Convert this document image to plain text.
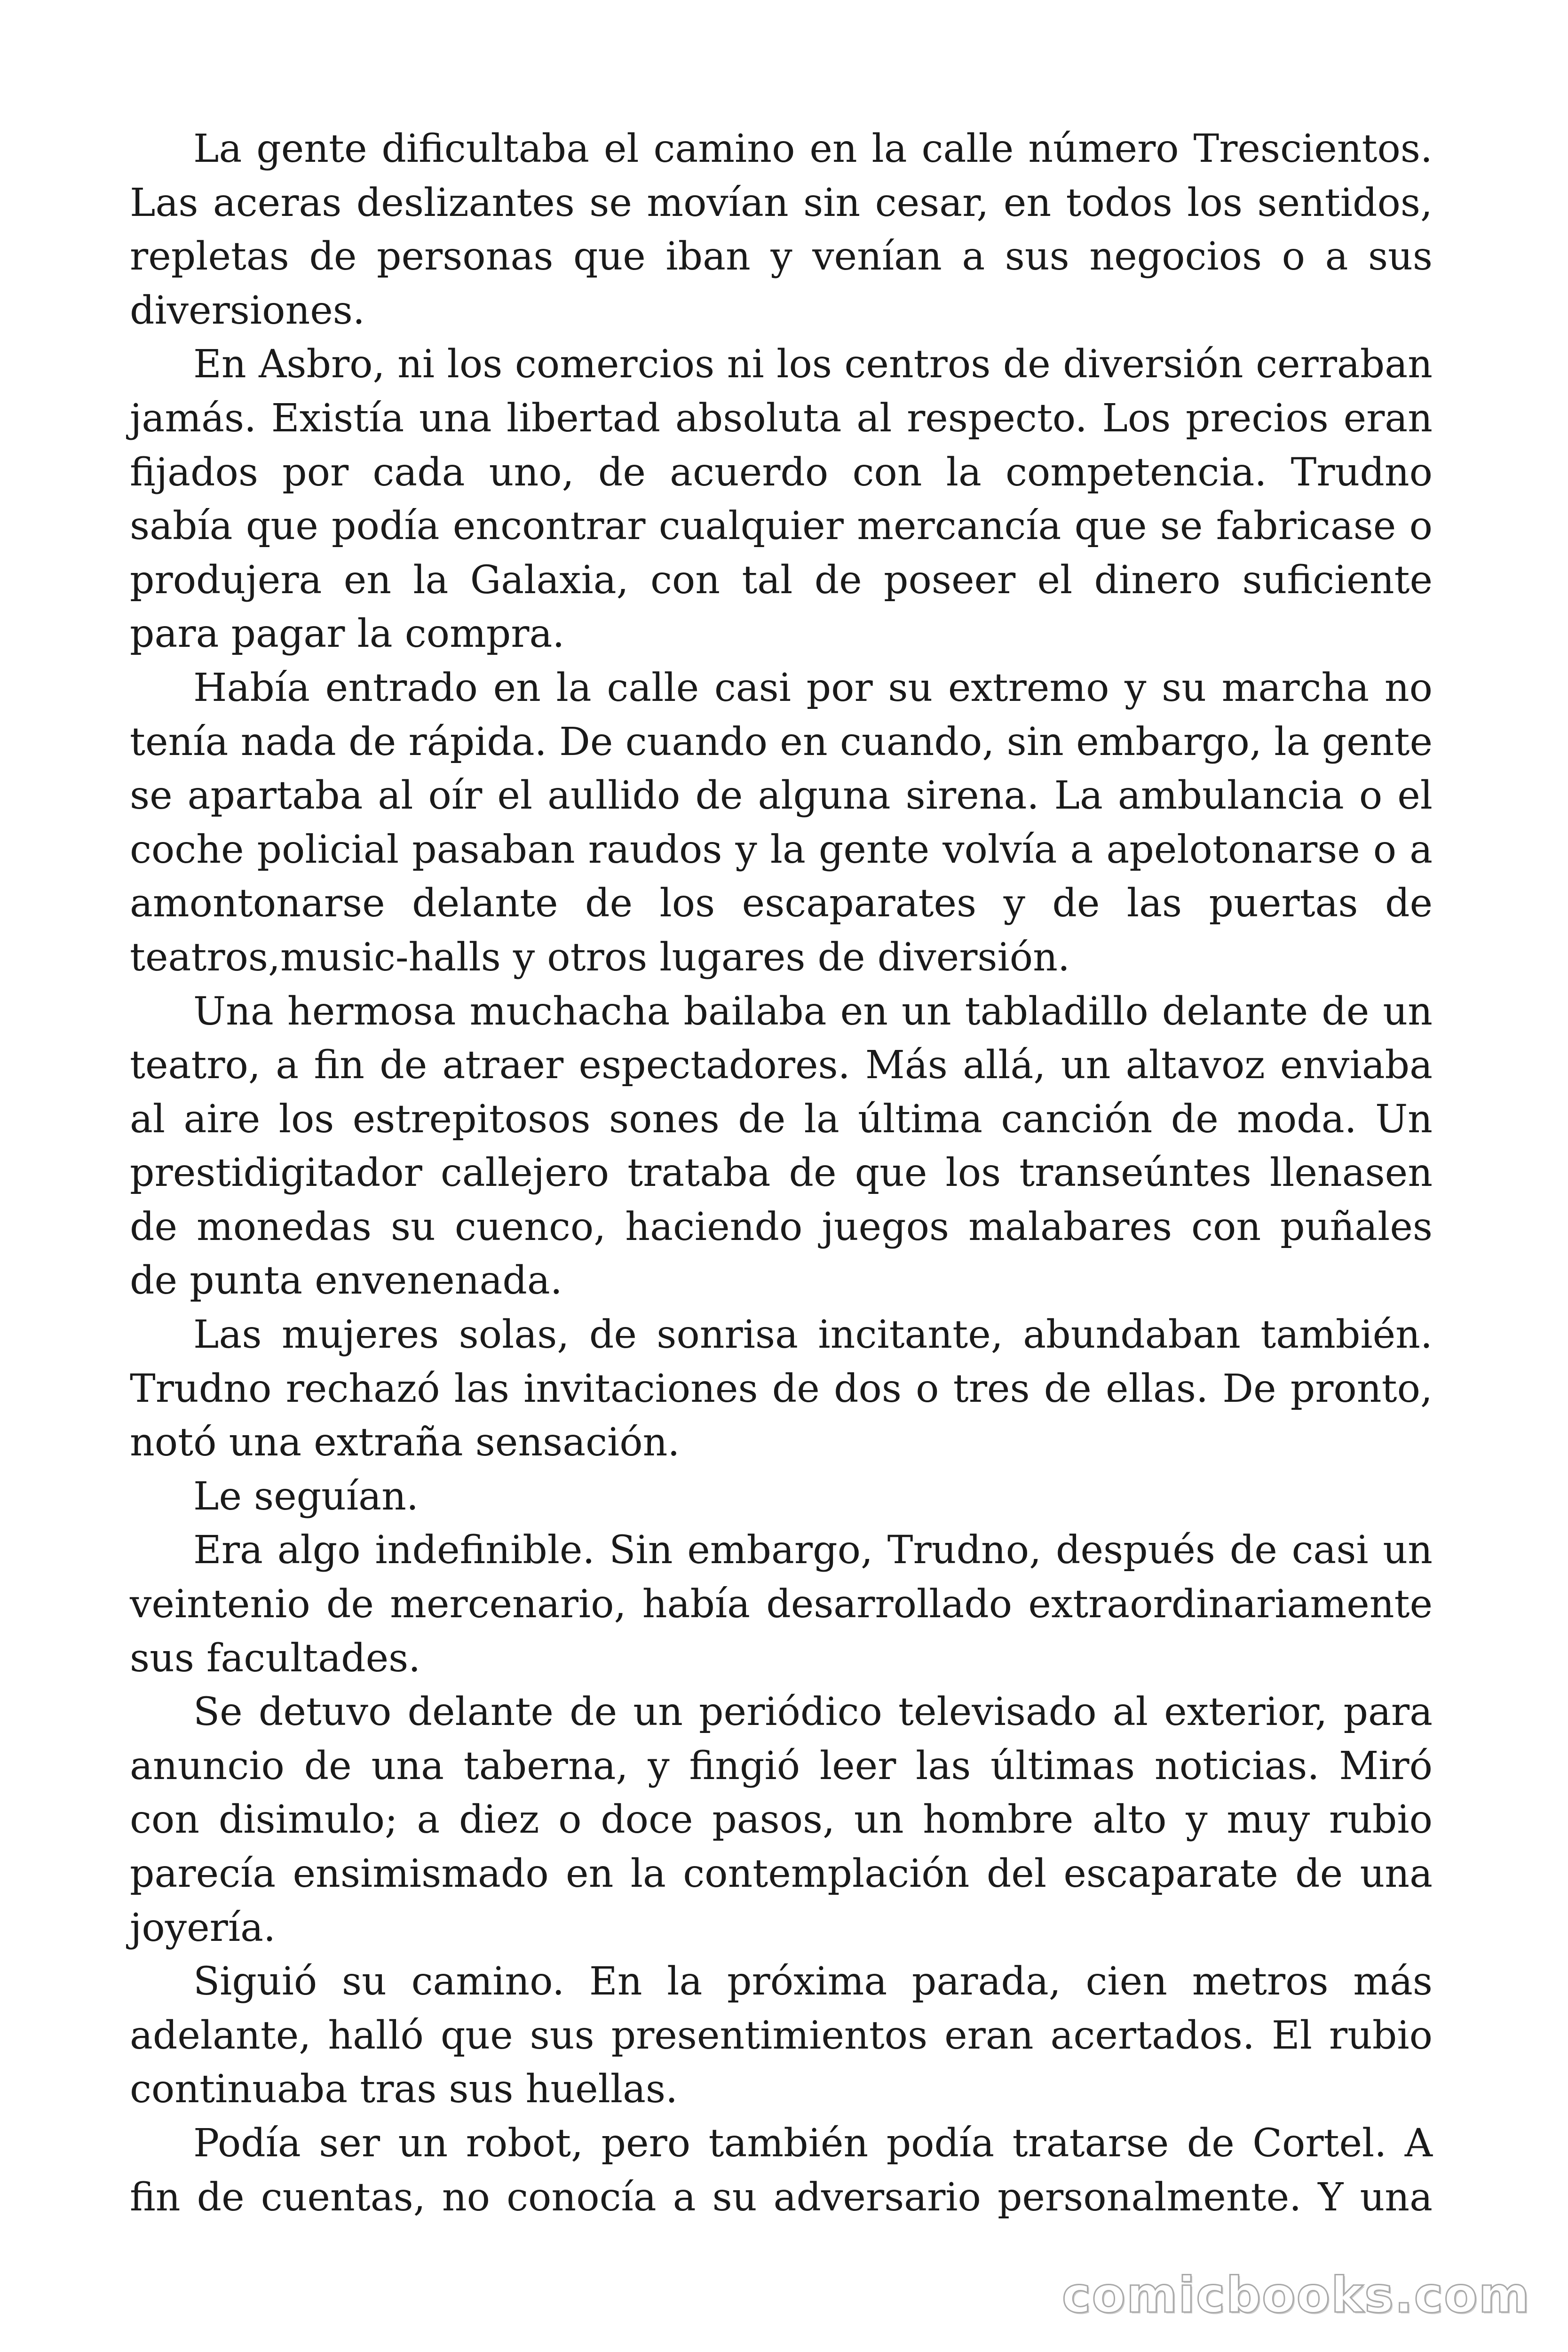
La gente dificultaba el camino en la calle número Trescientos. Las aceras deslizantes se movían sin cesar, en todos los sentidos, repletas de personas que iban y venían a sus negocios o a sus diversiones.

En Asbro, ni los comercios ni los centros de diversión cerraban jamás. Existía una libertad absoluta al respecto. Los precios eran fijados por cada uno, de acuerdo con la competencia. Trudno sabía que podía encontrar cualquier mercancía que se fabricase o produjera en la Galaxia, con tal de poseer el dinero suficiente para pagar la compra.

Había entrado en la calle casi por su extremo y su marcha no tenía nada de rápida. De cuando en cuando, sin embargo, la gente se apartaba al oír el aullido de alguna sirena. La ambulancia o el coche policial pasaban raudos y la gente volvía a apelotonarse o a amontonarse delante de los escaparates y de las puertas de teatros,music-halls y otros lugares de diversión.

Una hermosa muchacha bailaba en un tabladillo delante de un teatro, a fin de atraer espectadores. Más allá, un altavoz enviaba al aire los estrepitosos sones de la última canción de moda. Un prestidigitador callejero trataba de que los transeúntes llenasen de monedas su cuenco, haciendo juegos malabares con puñales de punta envenenada.

Las mujeres solas, de sonrisa incitante, abundaban también. Trudno rechazó las invitaciones de dos o tres de ellas. De pronto, notó una extraña sensación.

Le seguían.

Era algo indefinible. Sin embargo, Trudno, después de casi un veintenio de mercenario, había desarrollado extraordinariamente sus facultades.

Se detuvo delante de un periódico televisado al exterior, para anuncio de una taberna, y fingió leer las últimas noticias. Miró con disimulo; a diez o doce pasos, un hombre alto y muy rubio parecía ensimismado en la contemplación del escaparate de una joyería.

Siguió su camino. En la próxima parada, cien metros más adelante, halló que sus presentimientos eran acertados. El rubio continuaba tras sus huellas.

Podía ser un robot, pero también podía tratarse de Cortel. A fin de cuentas, no conocía a su adversario personalmente. Y una

comicbooks.com
